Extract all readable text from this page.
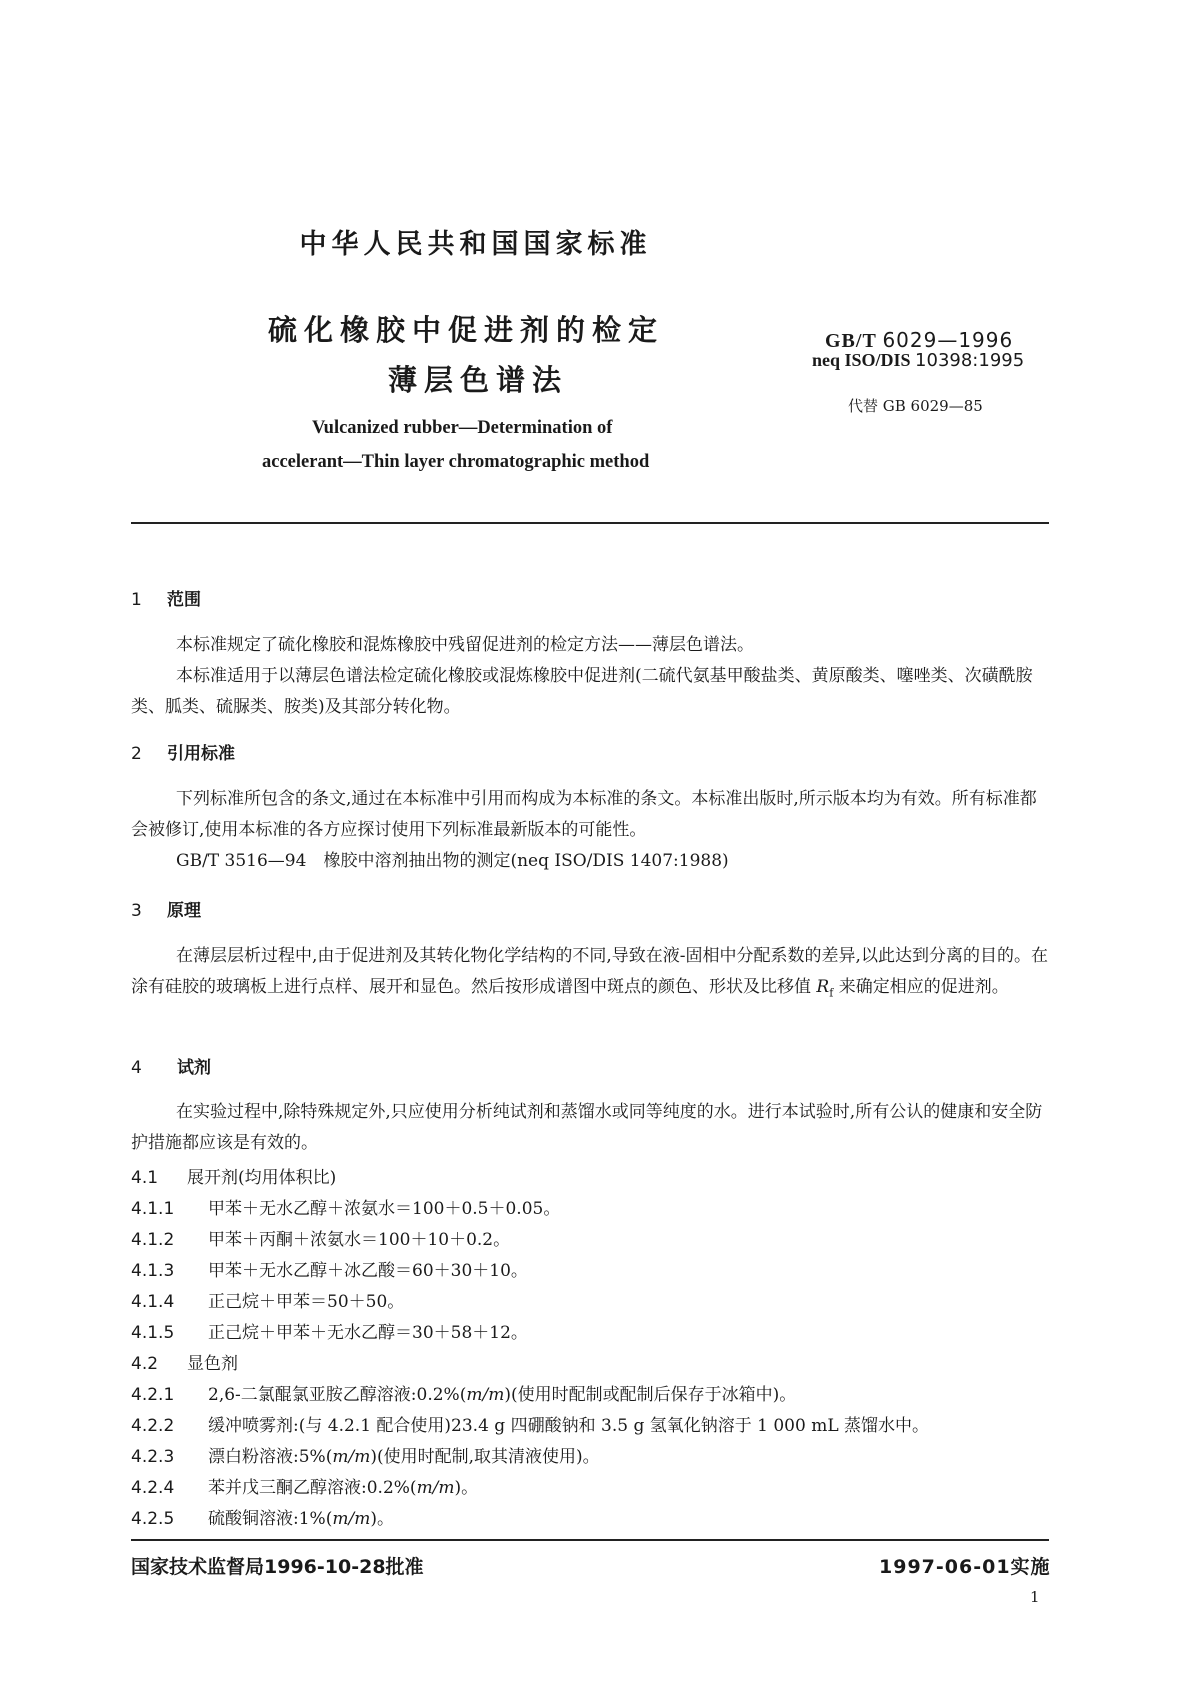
中华人民共和国国家标准
硫化橡胶中促进剂的检定
薄层色谱法
GB/T 6029—1996
neq ISO/DIS 10398:1995
代替 GB 6029—85
Vulcanized rubber—Determination of
accelerant—Thin layer chromatographic method
1 范围
本标准规定了硫化橡胶和混炼橡胶中残留促进剂的检定方法——薄层色谱法。
本标准适用于以薄层色谱法检定硫化橡胶或混炼橡胶中促进剂(二硫代氨基甲酸盐类、黄原酸类、噻唑类、次磺酰胺类、胍类、硫脲类、胺类)及其部分转化物。
2 引用标准
下列标准所包含的条文,通过在本标准中引用而构成为本标准的条文。本标准出版时,所示版本均为有效。所有标准都会被修订,使用本标准的各方应探讨使用下列标准最新版本的可能性。
GB/T 3516—94　橡胶中溶剂抽出物的测定(neq ISO/DIS 1407:1988)
3 原理
在薄层层析过程中,由于促进剂及其转化物化学结构的不同,导致在液-固相中分配系数的差异,以此达到分离的目的。在涂有硅胶的玻璃板上进行点样、展开和显色。然后按形成谱图中斑点的颜色、形状及比移值 $R_f$ 来确定相应的促进剂。
4 试剂
在实验过程中,除特殊规定外,只应使用分析纯试剂和蒸馏水或同等纯度的水。进行本试验时,所有公认的健康和安全防护措施都应该是有效的。
4.1 展开剂(均用体积比)
4.1.1 甲苯＋无水乙醇＋浓氨水＝100＋0.5＋0.05。
4.1.2 甲苯＋丙酮＋浓氨水＝100＋10＋0.2。
4.1.3 甲苯＋无水乙醇＋冰乙酸＝60＋30＋10。
4.1.4 正己烷＋甲苯＝50＋50。
4.1.5 正己烷＋甲苯＋无水乙醇＝30＋58＋12。
4.2 显色剂
4.2.1 2,6-二氯醌氯亚胺乙醇溶液:0.2%(m/m)(使用时配制或配制后保存于冰箱中)。
4.2.2 缓冲喷雾剂:(与 4.2.1 配合使用)23.4 g 四硼酸钠和 3.5 g 氢氧化钠溶于 1 000 mL 蒸馏水中。
4.2.3 漂白粉溶液:5%(m/m)(使用时配制,取其清液使用)。
4.2.4 苯并戊三酮乙醇溶液:0.2%(m/m)。
4.2.5 硫酸铜溶液:1%(m/m)。
国家技术监督局1996-10-28批准	1997-06-01实施
1
